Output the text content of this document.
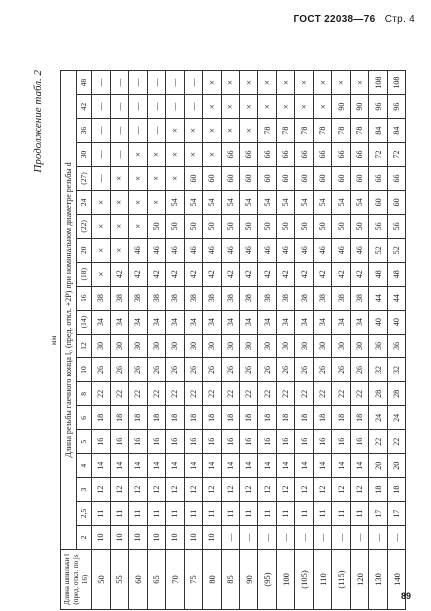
ГОСТ 22038—76 Стр. 4
Продолжение табл. 2
мм
Длина шпильки l (пред. откл. по js 16)	Длина резьбы гаечного конца l₀ (пред. откл. +2P) при номинальном диаметре резьбы d																			
	2	2,5	3	4	5	6	8	10	12	(14)	16	(18)	20	(22)	24	(27)	30	36	42	48
50	10	11	12	14	16	18	22	26	30	34	38	×	×	×	×	—	—	—	—	—
55	10	11	12	14	16	18	22	26	30	34	38	42	×	×	×	×	—	—	—	—
60	10	11	12	14	16	18	22	26	30	34	38	42	46	×	×	×	×	—	—	—
65	10	11	12	14	16	18	22	26	30	34	38	42	46	50	×	×	×	—	—	—
70	10	11	12	14	16	18	22	26	30	34	38	42	46	50	54	×	×	×	—	—
75	10	11	12	14	16	18	22	26	30	34	38	42	46	50	54	60	×	×	—	—
80	10	11	12	14	16	18	22	26	30	34	38	42	46	50	54	60	×	×	×	×
85	—	11	12	14	16	18	22	26	30	34	38	42	46	50	54	60	66	×	×	×
90	—	11	12	14	16	18	22	26	30	34	38	42	46	50	54	60	66	×	×	×
(95)	—	11	12	14	16	18	22	26	30	34	38	42	46	50	54	60	66	78	×	×
100	—	11	12	14	16	18	22	26	30	34	38	42	46	50	54	60	66	78	×	×
(105)	—	11	12	14	16	18	22	26	30	34	38	42	46	50	54	60	66	78	×	×
110	—	11	12	14	16	18	22	26	30	34	38	42	46	50	54	60	66	78	×	×
(115)	—	11	12	14	16	18	22	26	30	34	38	42	46	50	54	60	66	78	90	×
120	—	11	12	14	16	18	22	26	30	34	38	42	46	50	54	60	66	78	90	×
130	—	17	18	20	22	24	28	32	36	40	44	48	52	56	60	66	72	84	96	108
140	—	17	18	20	22	24	28	32	36	40	44	48	52	56	60	66	72	84	96	108
89
